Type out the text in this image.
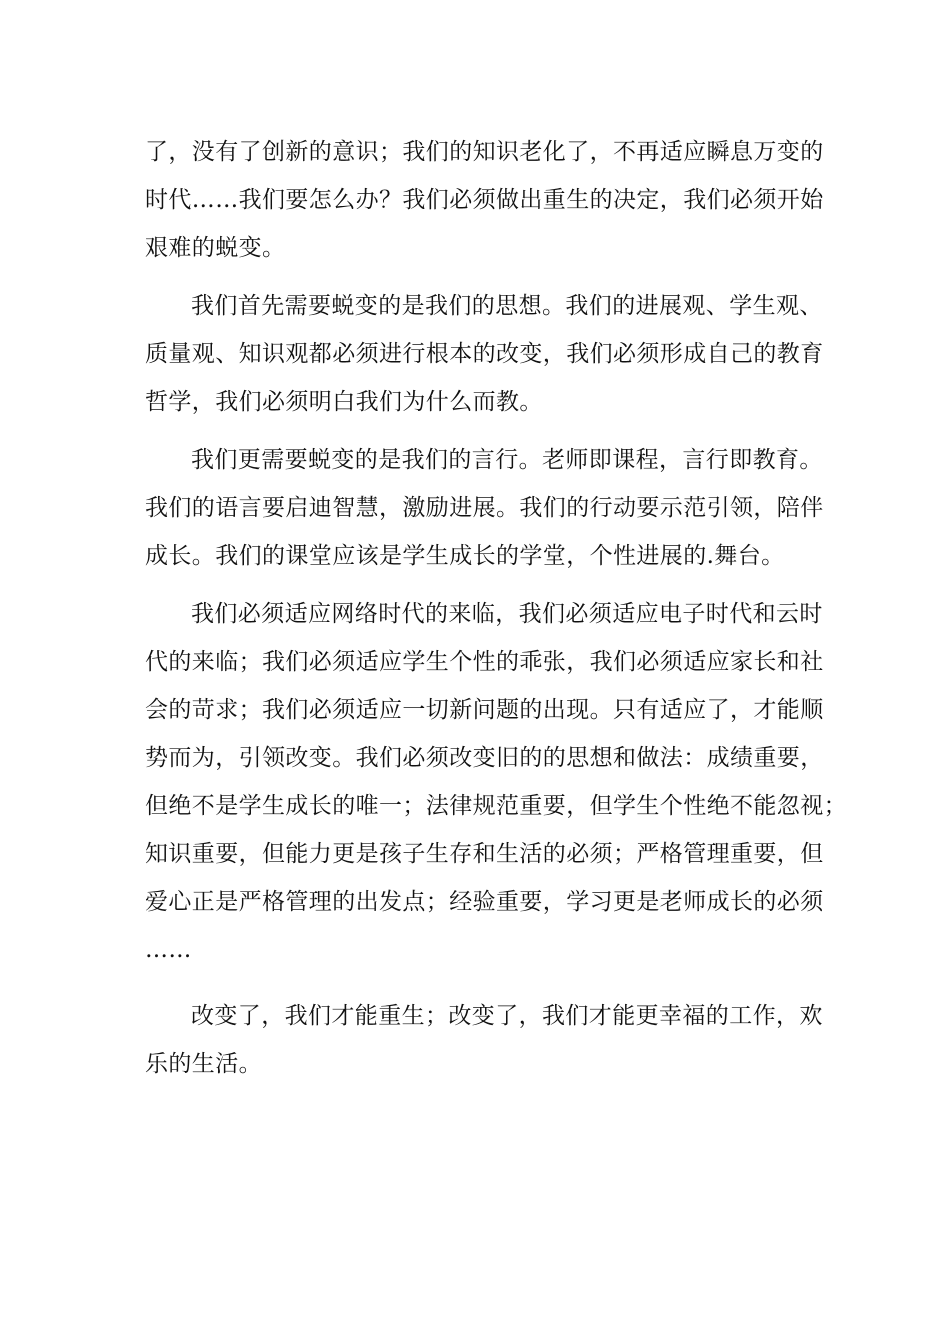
了，没有了创新的意识；我们的知识老化了，不再适应瞬息万变的
时代……我们要怎么办？我们必须做出重生的决定，我们必须开始
艰难的蜕变。
我们首先需要蜕变的是我们的思想。我们的进展观、学生观、
质量观、知识观都必须进行根本的改变，我们必须形成自己的教育
哲学，我们必须明白我们为什么而教。
我们更需要蜕变的是我们的言行。老师即课程，言行即教育。
我们的语言要启迪智慧，激励进展。我们的行动要示范引领，陪伴
成长。我们的课堂应该是学生成长的学堂，个性进展的.舞台。
我们必须适应网络时代的来临，我们必须适应电子时代和云时
代的来临；我们必须适应学生个性的乖张，我们必须适应家长和社
会的苛求；我们必须适应一切新问题的出现。只有适应了，才能顺
势而为，引领改变。我们必须改变旧的的思想和做法：成绩重要，
但绝不是学生成长的唯一；法律规范重要，但学生个性绝不能忽视；
知识重要，但能力更是孩子生存和生活的必须；严格管理重要，但
爱心正是严格管理的出发点；经验重要，学习更是老师成长的必须
……
改变了，我们才能重生；改变了，我们才能更幸福的工作，欢
乐的生活。
